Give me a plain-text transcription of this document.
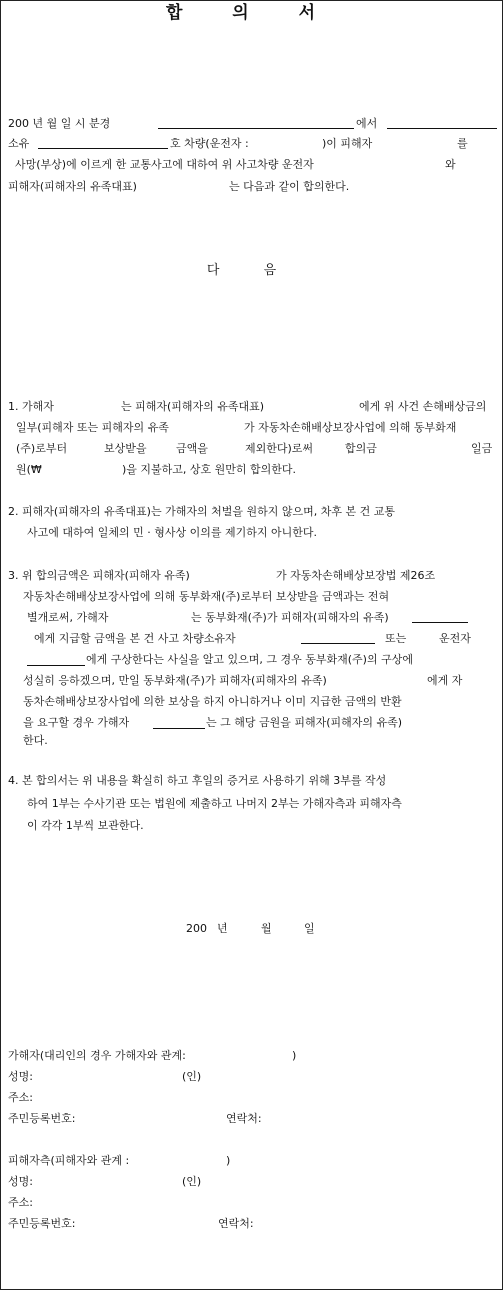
합 의 서
200 년 월 일 시 분경	에서
소유	호 차량(운전자 :	)이 피해자	를
사망(부상)에 이르게 한 교통사고에 대하여 위 사고차량 운전자	와
피해자(피해자의 유족대표)	는 다음과 같이 합의한다.
다 음
1. 가해자	는 피해자(피해자의 유족대표)	에게 위 사건 손해배상금의
일부(피해자 또는 피해자의 유족	가 자동차손해배상보장사업에 의해 동부화재
(주)로부터	보상받을	금액을	제외한다)로써	합의금	일금
원(₩	)을 지불하고, 상호 원만히 합의한다.
2. 피해자(피해자의 유족대표)는 가해자의 처벌을 원하지 않으며, 차후 본 건 교통
사고에 대하여 일체의 민 · 형사상 이의를 제기하지 아니한다.
3. 위 합의금액은 피해자(피해자 유족)	가 자동차손해배상보장법 제26조
자동차손해배상보장사업에 의해 동부화재(주)로부터 보상받을 금액과는 전혀
별개로써, 가해자	는 동부화재(주)가 피해자(피해자의 유족)
에게 지급할 금액을 본 건 사고 차량소유자	또는	운전자
에게 구상한다는 사실을 알고 있으며, 그 경우 동부화재(주)의 구상에
성실히 응하겠으며, 만일 동부화재(주)가 피해자(피해자의 유족)	에게 자
동차손해배상보장사업에 의한 보상을 하지 아니하거나 이미 지급한 금액의 반환
을 요구할 경우 가해자	는 그 해당 금원을 피해자(피해자의 유족)
한다.
4. 본 합의서는 위 내용을 확실히 하고 후일의 증거로 사용하기 위해 3부를 작성
하여 1부는 수사기관 또는 법원에 제출하고 나머지 2부는 가해자측과 피해자측
이 각각 1부씩 보관한다.
200 년	월	일
가해자(대리인의 경우 가해자와 관계:	)
성명:	(인)
주소:
주민등록번호:	연락처:
피해자측(피해자와 관계 :	)
성명:	(인)
주소:
주민등록번호:	연락처:
